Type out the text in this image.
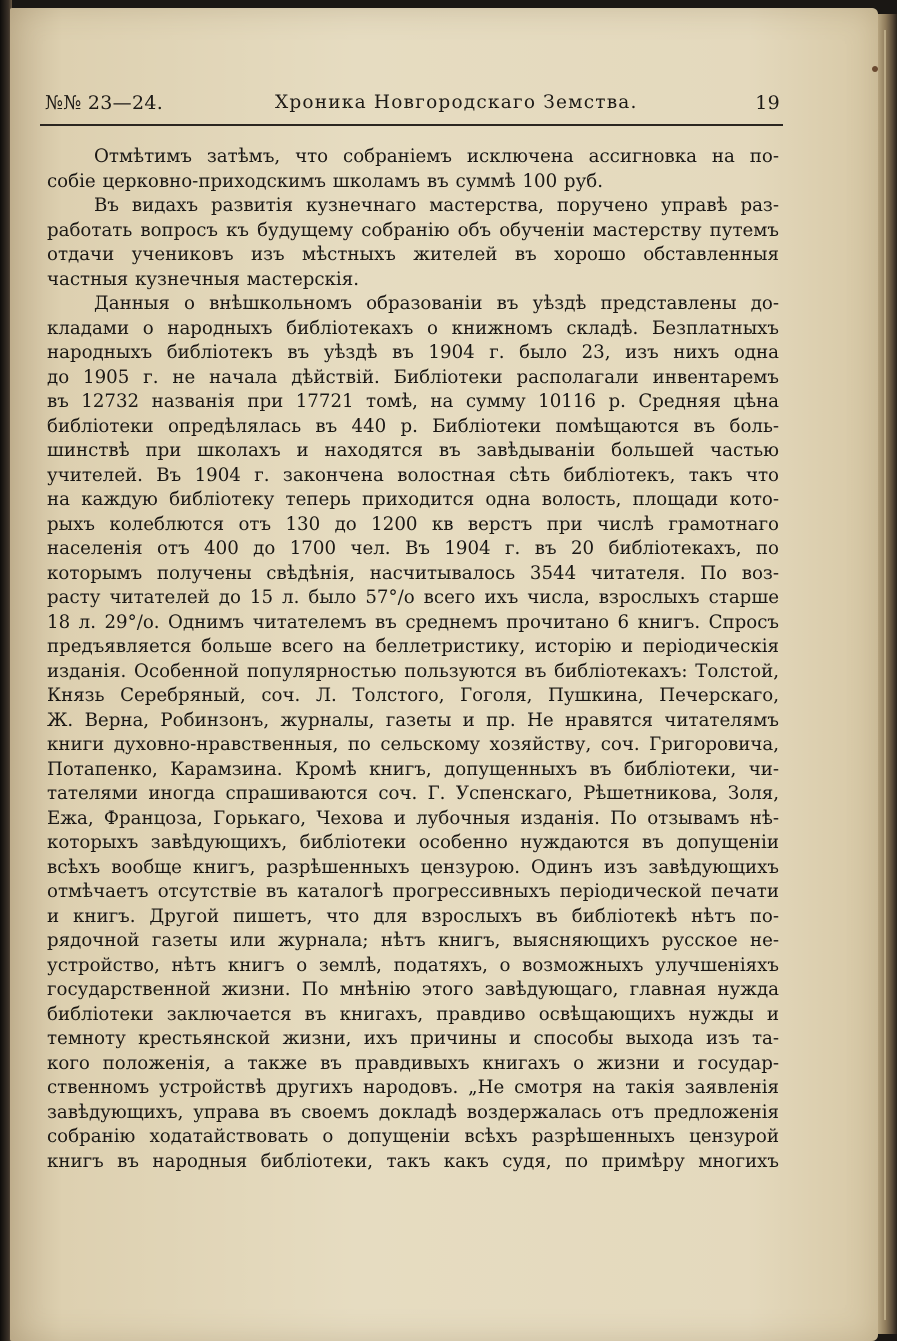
№№ 23—24.	Хроника Новгородскаго Земства.	19
Отмѣтимъ затѣмъ, что собраніемъ исключена ассигновка на по-
собіе церковно-приходскимъ школамъ въ суммѣ 100 руб.
Въ видахъ развитія кузнечнаго мастерства, поручено управѣ раз-
работать вопросъ къ будущему собранію объ обученіи мастерству путемъ
отдачи учениковъ изъ мѣстныхъ жителей въ хорошо обставленныя
частныя кузнечныя мастерскія.
Данныя о внѣшкольномъ образованіи въ уѣздѣ представлены до-
кладами о народныхъ библіотекахъ о книжномъ складѣ. Безплатныхъ
народныхъ библіотекъ въ уѣздѣ въ 1904 г. было 23, изъ нихъ одна
до 1905 г. не начала дѣйствій. Библіотеки располагали инвентаремъ
въ 12732 названія при 17721 томѣ, на сумму 10116 р. Средняя цѣна
библіотеки опредѣлялась въ 440 р. Библіотеки помѣщаются въ боль-
шинствѣ при школахъ и находятся въ завѣдываніи большей частью
учителей. Въ 1904 г. закончена волостная сѣть библіотекъ, такъ что
на каждую библіотеку теперь приходится одна волость, площади кото-
рыхъ колеблются отъ 130 до 1200 кв верстъ при числѣ грамотнаго
населенія отъ 400 до 1700 чел. Въ 1904 г. въ 20 библіотекахъ, по
которымъ получены свѣдѣнія, насчитывалось 3544 читателя. По воз-
расту читателей до 15 л. было 57°/о всего ихъ числа, взрослыхъ старше
18 л. 29°/о. Однимъ читателемъ въ среднемъ прочитано 6 книгъ. Спросъ
предъявляется больше всего на беллетристику, исторію и періодическія
изданія. Особенной популярностью пользуются въ библіотекахъ: Толстой,
Князь Серебряный, соч. Л. Толстого, Гоголя, Пушкина, Печерскаго,
Ж. Верна, Робинзонъ, журналы, газеты и пр. Не нравятся читателямъ
книги духовно-нравственныя, по сельскому хозяйству, соч. Григоровича,
Потапенко, Карамзина. Кромѣ книгъ, допущенныхъ въ библіотеки, чи-
тателями иногда спрашиваются соч. Г. Успенскаго, Рѣшетникова, Золя,
Ежа, Францоза, Горькаго, Чехова и лубочныя изданія. По отзывамъ нѣ-
которыхъ завѣдующихъ, библіотеки особенно нуждаются въ допущеніи
всѣхъ вообще книгъ, разрѣшенныхъ цензурою. Одинъ изъ завѣдующихъ
отмѣчаетъ отсутствіе въ каталогѣ прогрессивныхъ періодической печати
и книгъ. Другой пишетъ, что для взрослыхъ въ библіотекѣ нѣтъ по-
рядочной газеты или журнала; нѣтъ книгъ, выясняющихъ русское не-
устройство, нѣтъ книгъ о землѣ, податяхъ, о возможныхъ улучшеніяхъ
государственной жизни. По мнѣнію этого завѣдующаго, главная нужда
библіотеки заключается въ книгахъ, правдиво освѣщающихъ нужды и
темноту крестьянской жизни, ихъ причины и способы выхода изъ та-
кого положенія, а также въ правдивыхъ книгахъ о жизни и государ-
ственномъ устройствѣ другихъ народовъ. „Не смотря на такія заявленія
завѣдующихъ, управа въ своемъ докладѣ воздержалась отъ предложенія
собранію ходатайствовать о допущеніи всѣхъ разрѣшенныхъ цензурой
книгъ въ народныя библіотеки, такъ какъ судя, по примѣру многихъ
